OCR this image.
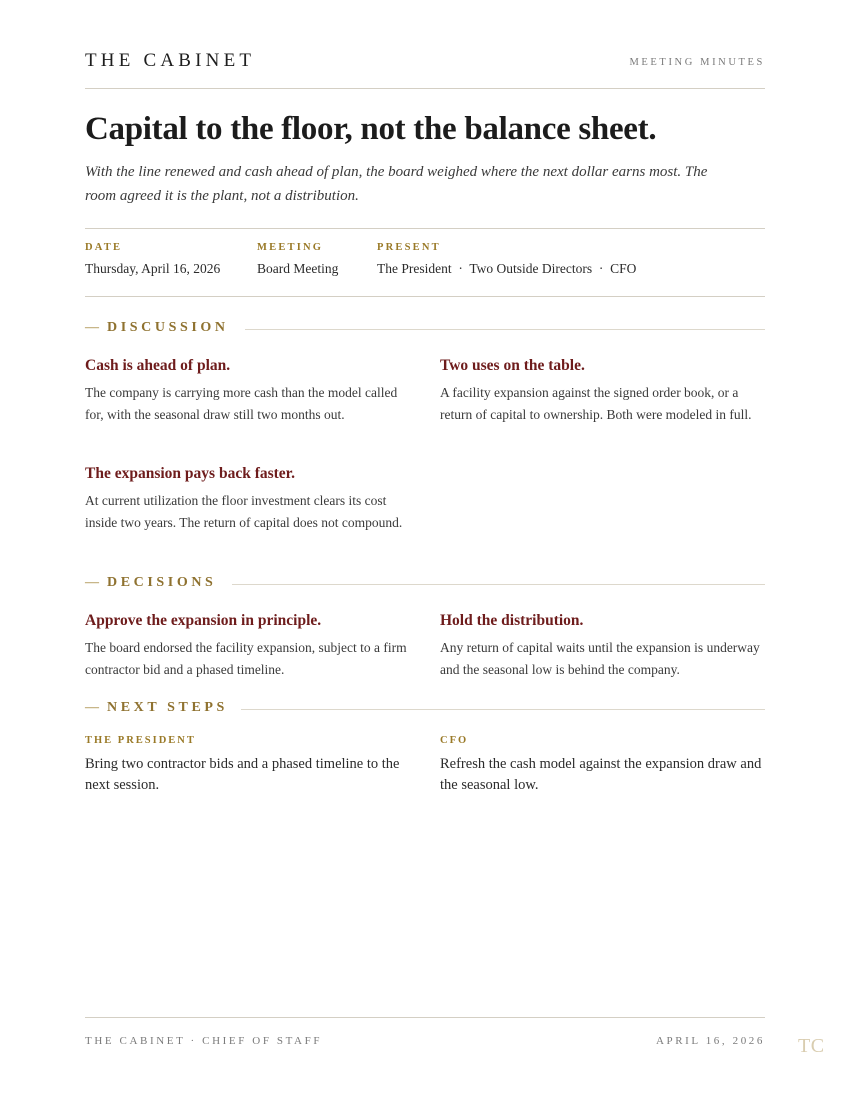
THE CABINET	MEETING MINUTES
Capital to the floor, not the balance sheet.

With the line renewed and cash ahead of plan, the board weighed where the next dollar earns most. The room agreed it is the plant, not a distribution.

DATE
Thursday, April 16, 2026
MEETING
Board Meeting
PRESENT
The President  ·  Two Outside Directors  ·  CFO
— DISCUSSION
Cash is ahead of plan.
The company is carrying more cash than the model called for, with the seasonal draw still two months out.
Two uses on the table.
A facility expansion against the signed order book, or a return of capital to ownership. Both were modeled in full.
The expansion pays back faster.
At current utilization the floor investment clears its cost inside two years. The return of capital does not compound.
— DECISIONS
Approve the expansion in principle.
The board endorsed the facility expansion, subject to a firm contractor bid and a phased timeline.
Hold the distribution.
Any return of capital waits until the expansion is underway and the seasonal low is behind the company.
— NEXT STEPS
THE PRESIDENT
Bring two contractor bids and a phased timeline to the next session.
CFO
Refresh the cash model against the expansion draw and the seasonal low.
THE CABINET · CHIEF OF STAFF	APRIL 16, 2026 TC
